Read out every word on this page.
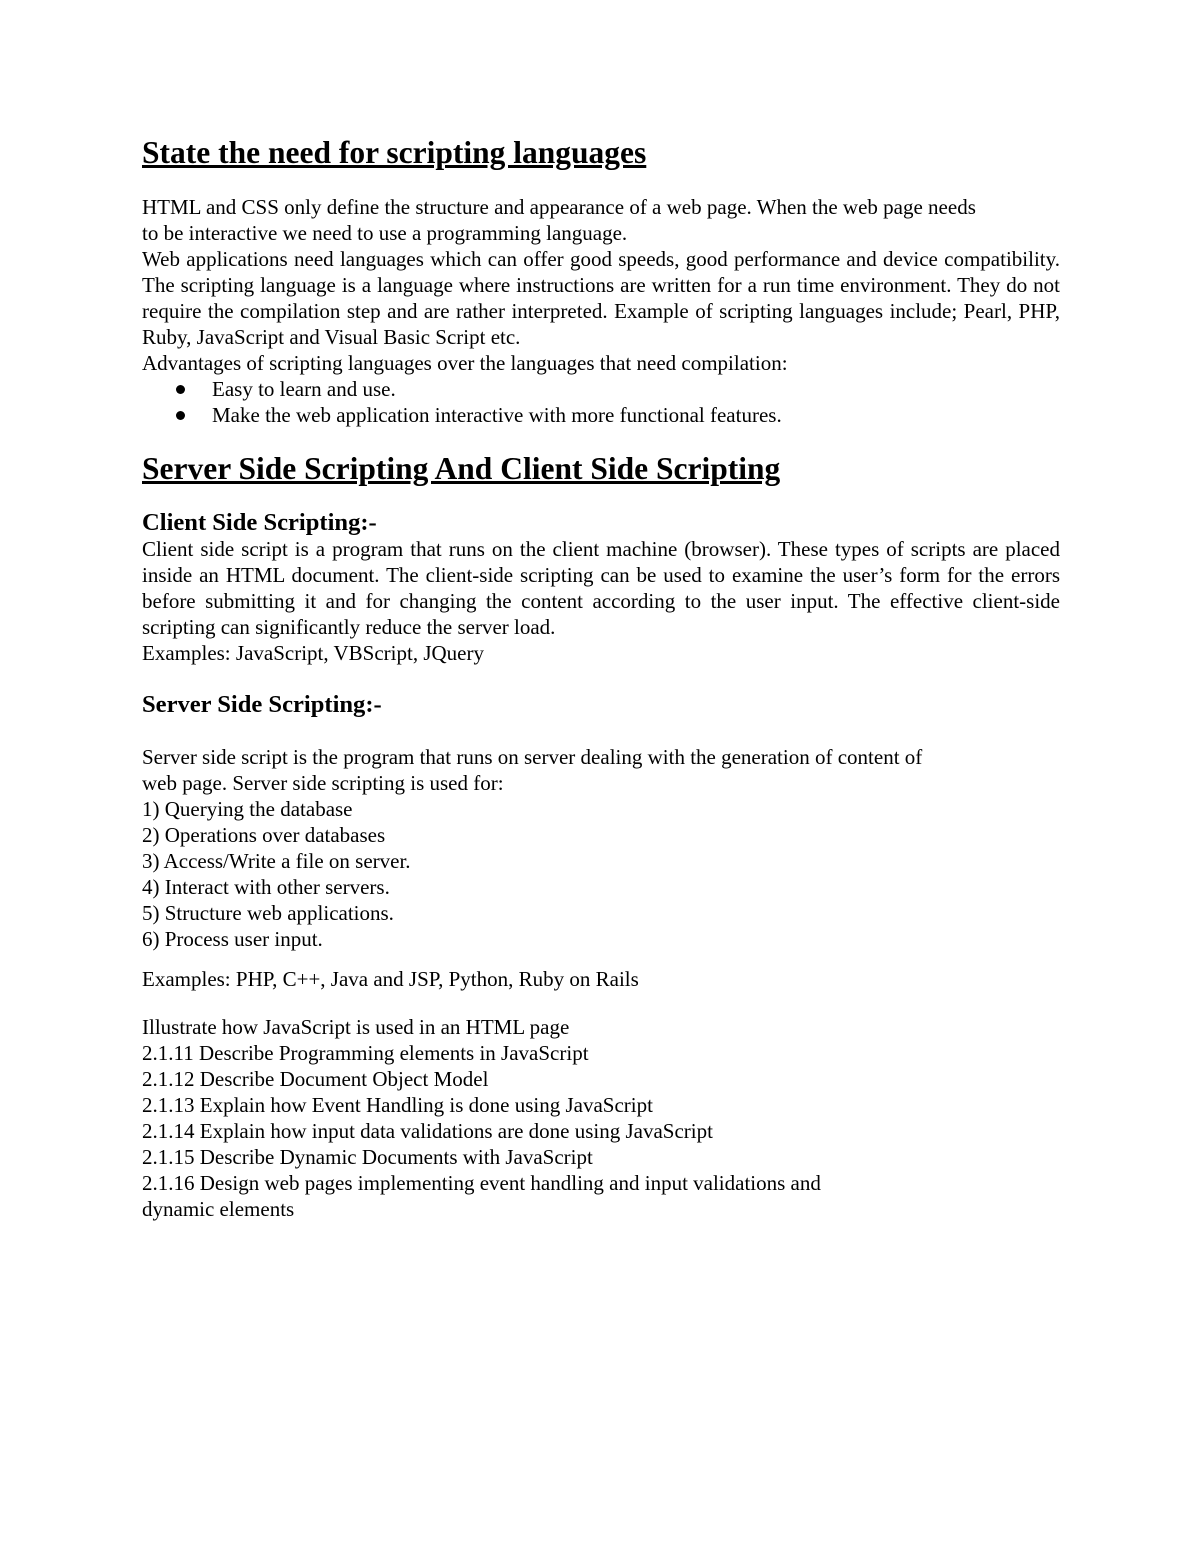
State the need for scripting languages

HTML and CSS only define the structure and appearance of a web page. When the web page needs

to be interactive we need to use a programming language.

Web applications need languages which can offer good speeds, good performance and device compatibility. The scripting language is a language where instructions are written for a run time environment. They do not require the compilation step and are rather interpreted. Example of scripting languages include; Pearl, PHP, Ruby, JavaScript and Visual Basic Script etc.

Advantages of scripting languages over the languages that need compilation:

Easy to learn and use.
Make the web application interactive with more functional features.
Server Side Scripting And Client Side Scripting
Client Side Scripting:-

Client side script is a program that runs on the client machine (browser). These types of scripts are placed inside an HTML document. The client-side scripting can be used to examine the user’s form for the errors before submitting it and for changing the content according to the user input. The effective client-side scripting can significantly reduce the server load.

Examples: JavaScript, VBScript, JQuery

Server Side Scripting:-

Server side script is the program that runs on server dealing with the generation of content of

web page. Server side scripting is used for:

1) Querying the database

2) Operations over databases

3) Access/Write a file on server.

4) Interact with other servers.

5) Structure web applications.

6) Process user input.

Examples: PHP, C++, Java and JSP, Python, Ruby on Rails

Illustrate how JavaScript is used in an HTML page

2.1.11 Describe Programming elements in JavaScript

2.1.12 Describe Document Object Model

2.1.13 Explain how Event Handling is done using JavaScript

2.1.14 Explain how input data validations are done using JavaScript

2.1.15 Describe Dynamic Documents with JavaScript

2.1.16 Design web pages implementing event handling and input validations and

dynamic elements
